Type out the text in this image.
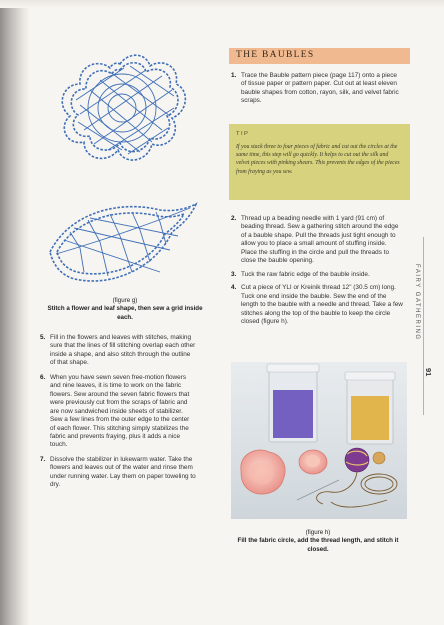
(figure g)
Stitch a flower and leaf shape, then sew a grid inside each.
5. Fill in the flowers and leaves with stitches, making sure that the lines of fill stitching overlap each other inside a shape, and also stitch through the outline of that shape.
6. When you have sewn seven free-motion flowers and nine leaves, it is time to work on the fabric flowers. Sew around the seven fabric flowers that were previously cut from the scraps of fabric and are now sandwiched inside sheets of stabilizer. Sew a few lines from the outer edge to the center of each flower. This stitching simply stabilizes the fabric and prevents fraying, plus it adds a nice touch.
7. Dissolve the stabilizer in lukewarm water. Take the flowers and leaves out of the water and rinse them under running water. Lay them on paper toweling to dry.
THE BAUBLES
1. Trace the Bauble pattern piece (page 117) onto a piece of tissue paper or pattern paper. Cut out at least eleven bauble shapes from cotton, rayon, silk, and velvet fabric scraps.
TIP
If you stack three to four pieces of fabric and cut out the circles at the same time, this step will go quickly. It helps to cut out the silk and velvet pieces with pinking shears. This prevents the edges of the pieces from fraying as you sew.
2. Thread up a beading needle with 1 yard (91 cm) of beading thread. Sew a gathering stitch around the edge of a bauble shape. Pull the threads just tight enough to allow you to place a small amount of stuffing inside. Place the stuffing in the circle and pull the threads to close the bauble opening.
3. Tuck the raw fabric edge of the bauble inside.
4. Cut a piece of YLI or Kreinik thread 12" (30.5 cm) long. Tuck one end inside the bauble. Sew the end of the length to the bauble with a needle and thread. Take a few stitches along the top of the bauble to keep the circle closed (figure h).	FAIRY GATHERING
91
(figure h)
Fill the fabric circle, add the thread length, and stitch it closed.
